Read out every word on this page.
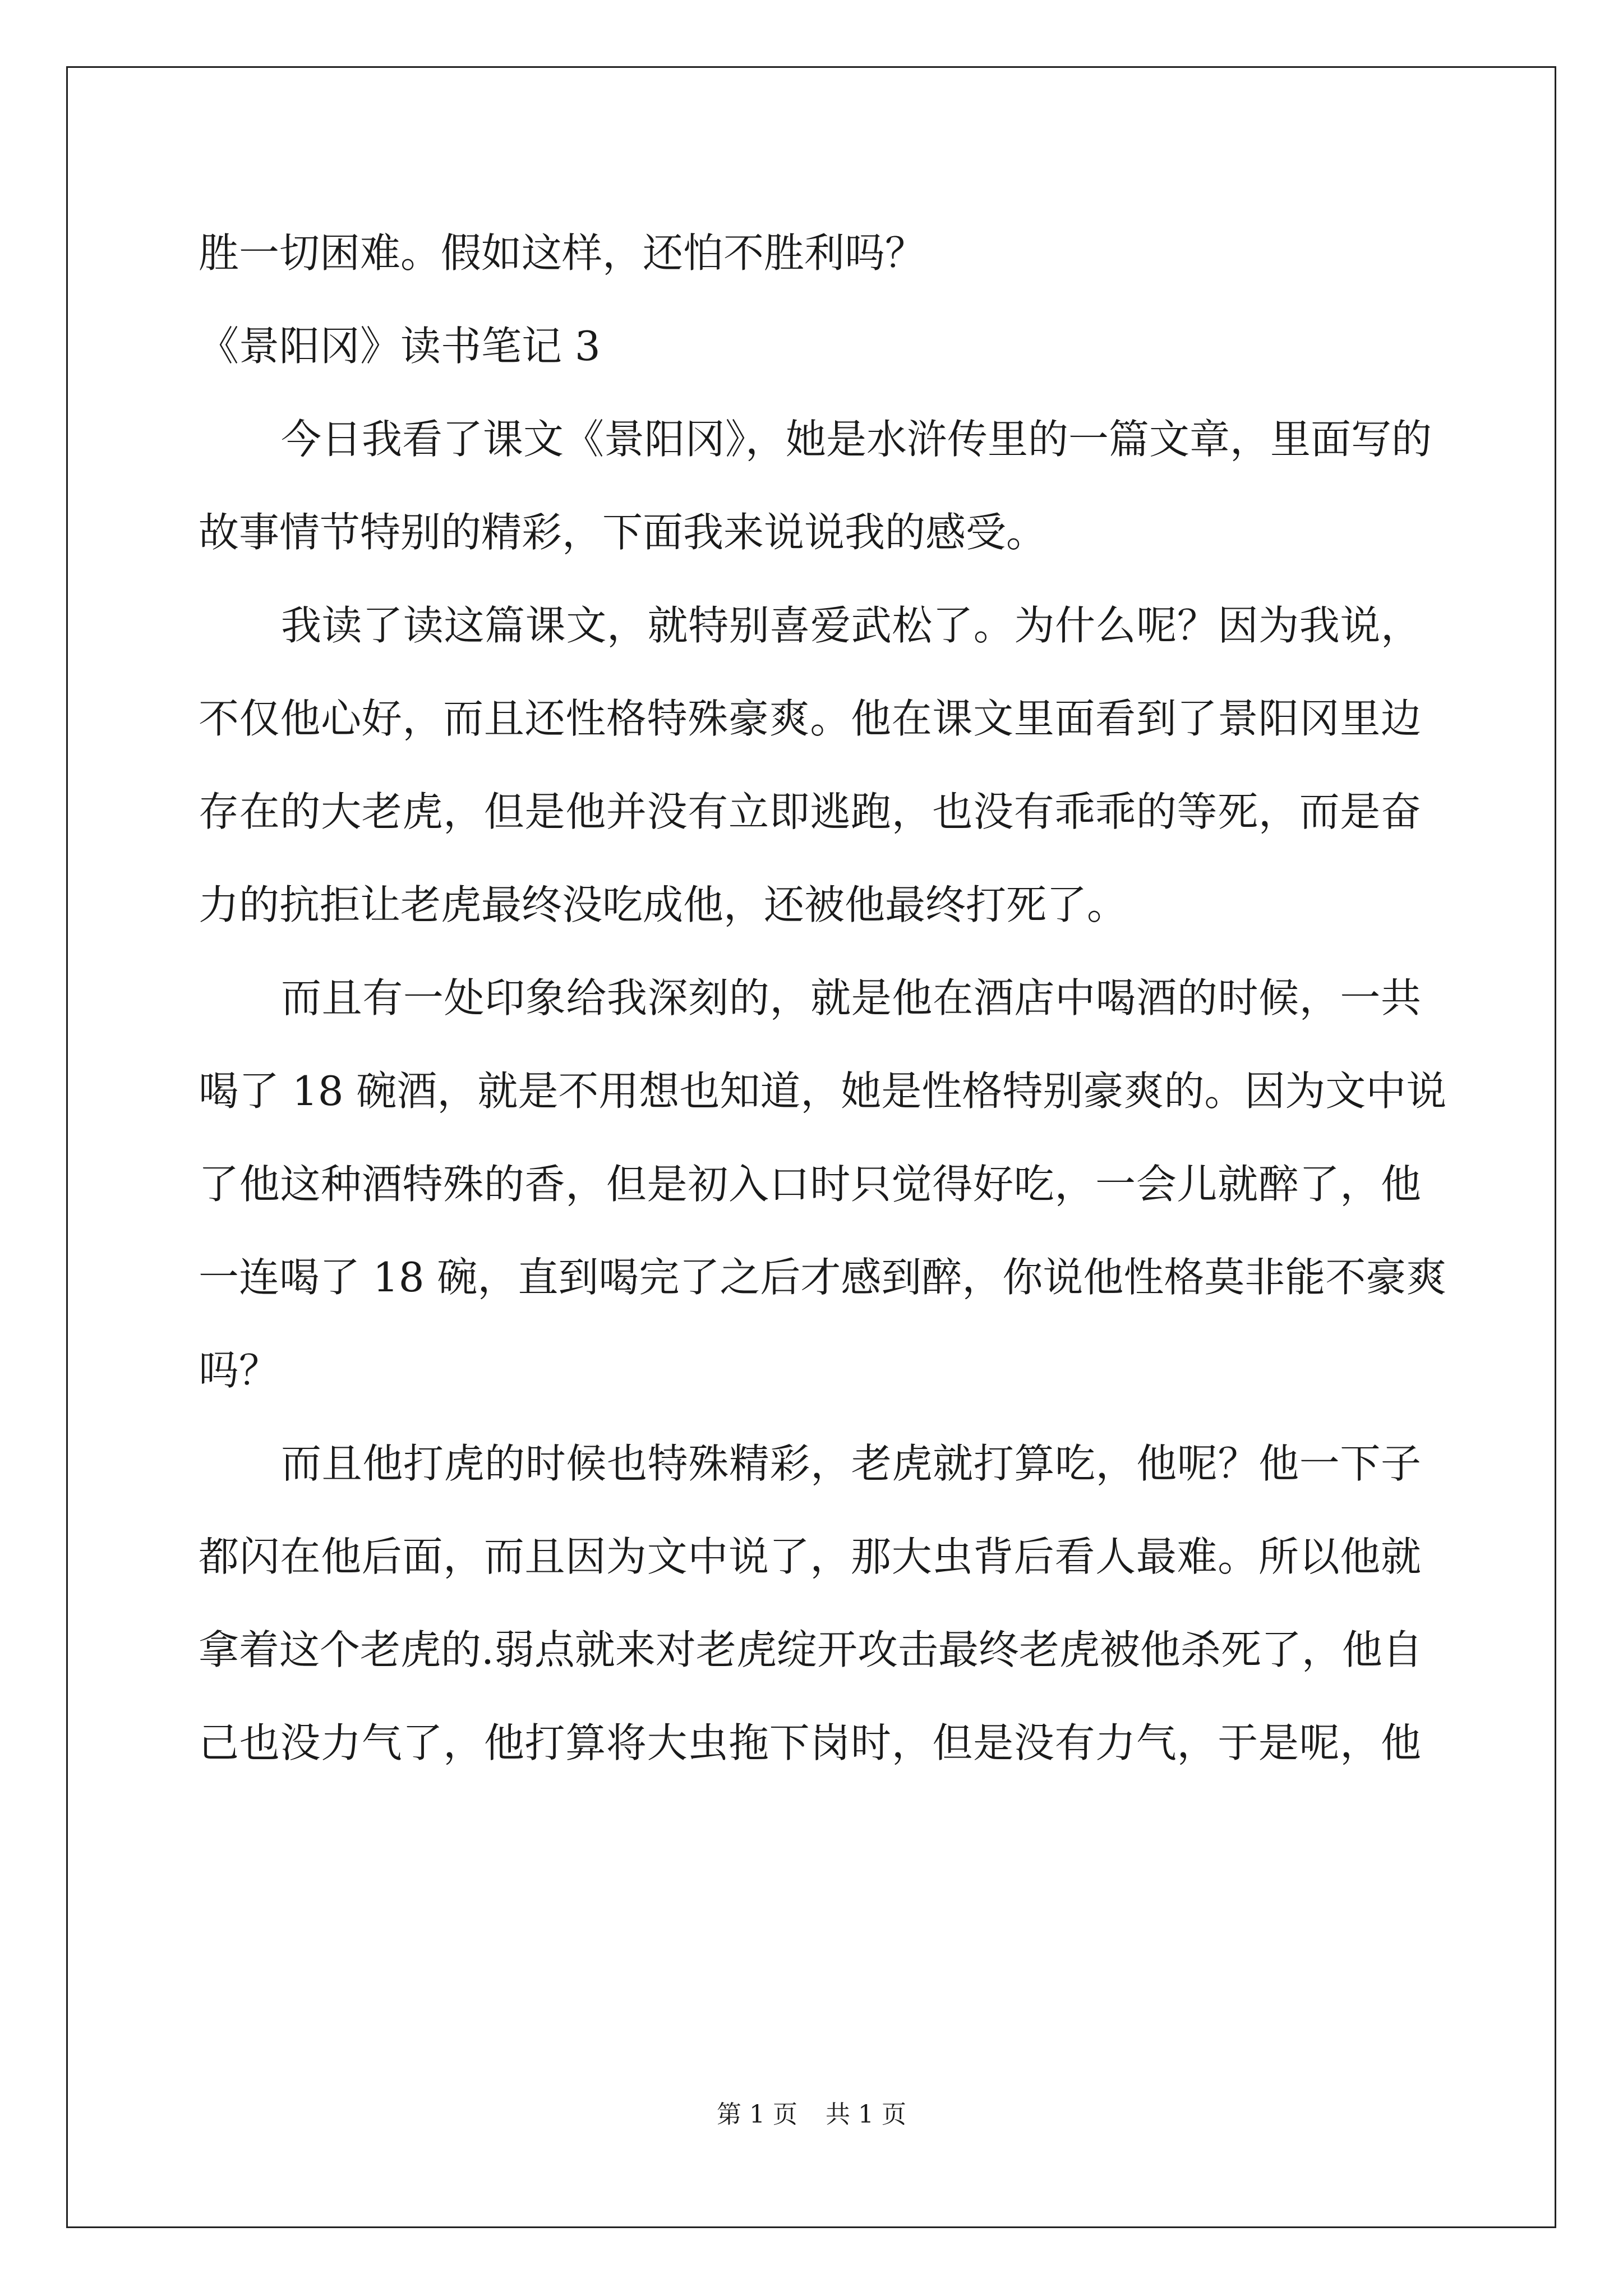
胜一切困难。假如这样，还怕不胜利吗？
《景阳冈》读书笔记 3
今日我看了课文《景阳冈》，她是水浒传里的一篇文章，里面写的
故事情节特别的精彩，下面我来说说我的感受。
我读了读这篇课文，就特别喜爱武松了。为什么呢？因为我说，
不仅他心好，而且还性格特殊豪爽。他在课文里面看到了景阳冈里边
存在的大老虎，但是他并没有立即逃跑，也没有乖乖的等死，而是奋
力的抗拒让老虎最终没吃成他，还被他最终打死了。
而且有一处印象给我深刻的，就是他在酒店中喝酒的时候，一共
喝了 18 碗酒，就是不用想也知道，她是性格特别豪爽的。因为文中说
了他这种酒特殊的香，但是初入口时只觉得好吃，一会儿就醉了，他
一连喝了 18 碗，直到喝完了之后才感到醉，你说他性格莫非能不豪爽
吗？
而且他打虎的时候也特殊精彩，老虎就打算吃，他呢？他一下子
都闪在他后面，而且因为文中说了，那大虫背后看人最难。所以他就
拿着这个老虎的.弱点就来对老虎绽开攻击最终老虎被他杀死了，他自
己也没力气了，他打算将大虫拖下岗时，但是没有力气，于是呢，他
第 1 页 共 1 页
